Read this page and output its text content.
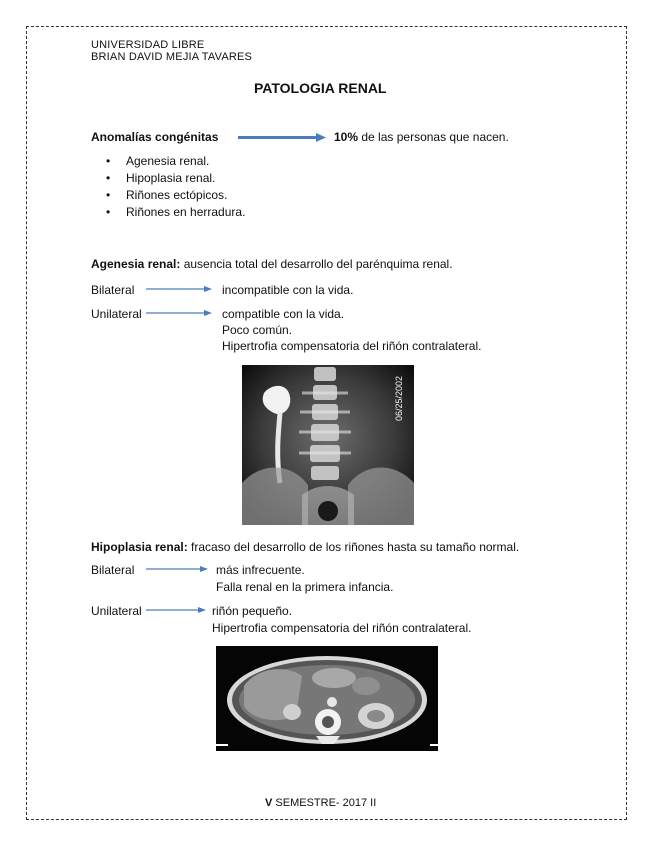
UNIVERSIDAD LIBRE
BRIAN DAVID MEJIA TAVARES
PATOLOGIA RENAL
Anomalías congénitas	10% de las personas que nacen.
• Agenesia renal.
• Hipoplasia renal.
• Riñones ectópicos.
• Riñones en herradura.
Agenesia renal: ausencia total del desarrollo del parénquima renal.
Bilateral	incompatible con la vida.
Unilateral	compatible con la vida.
Poco común.
Hipertrofia compensatoria del riñón contralateral.
06/25/2002
Hipoplasia renal: fracaso del desarrollo de los riñones hasta su tamaño normal.
Bilateral	más infrecuente.
Falla renal en la primera infancia.
Unilateral	riñón pequeño.
Hipertrofia compensatoria del riñón contralateral.
V SEMESTRE- 2017 II
